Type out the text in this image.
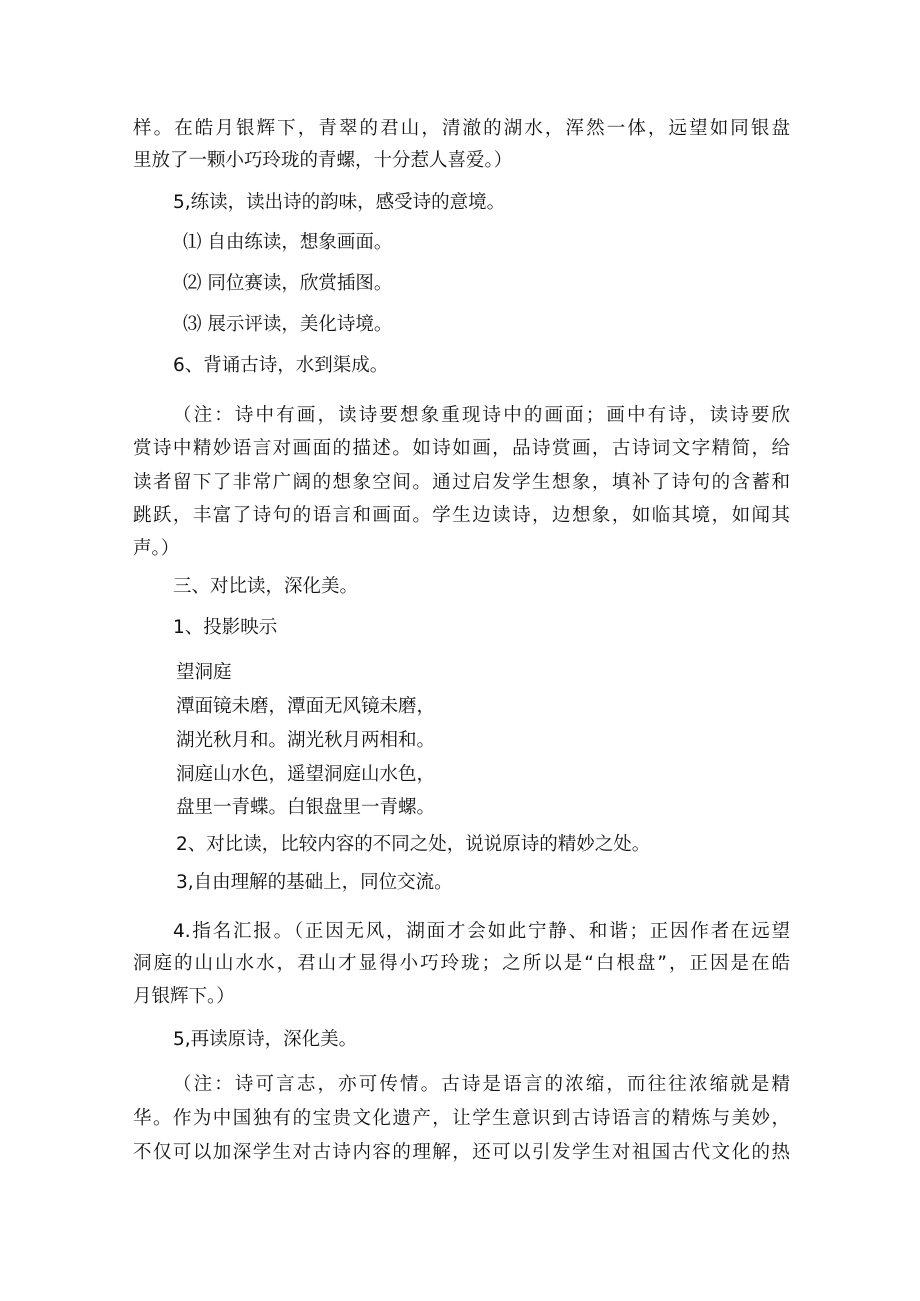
样。在皓月银辉下，青翠的君山，清澈的湖水，浑然一体，远望如同银盘
里放了一颗小巧玲珑的青螺，十分惹人喜爱。）
5,练读，读出诗的韵味，感受诗的意境。
⑴ 自由练读，想象画面。
⑵ 同位赛读，欣赏插图。
⑶ 展示评读，美化诗境。
6、背诵古诗，水到渠成。
（注：诗中有画，读诗要想象重现诗中的画面；画中有诗，读诗要欣
赏诗中精妙语言对画面的描述。如诗如画，品诗赏画，古诗词文字精简，给
读者留下了非常广阔的想象空间。通过启发学生想象，填补了诗句的含蓄和
跳跃，丰富了诗句的语言和画面。学生边读诗，边想象，如临其境，如闻其
声。）
三、对比读，深化美。
1、投影映示
望洞庭
潭面镜未磨，潭面无风镜未磨，
湖光秋月和。湖光秋月两相和。
洞庭山水色，遥望洞庭山水色，
盘里一青蝶。白银盘里一青螺。
2、对比读，比较内容的不同之处，说说原诗的精妙之处。
3,自由理解的基础上，同位交流。
4.指名汇报。（正因无风，湖面才会如此宁静、和谐；正因作者在远望
洞庭的山山水水，君山才显得小巧玲珑；之所以是“白根盘”，正因是在皓
月银辉下。）
5,再读原诗，深化美。
（注：诗可言志，亦可传情。古诗是语言的浓缩，而往往浓缩就是精
华。作为中国独有的宝贵文化遗产，让学生意识到古诗语言的精炼与美妙，
不仅可以加深学生对古诗内容的理解，还可以引发学生对祖国古代文化的热
